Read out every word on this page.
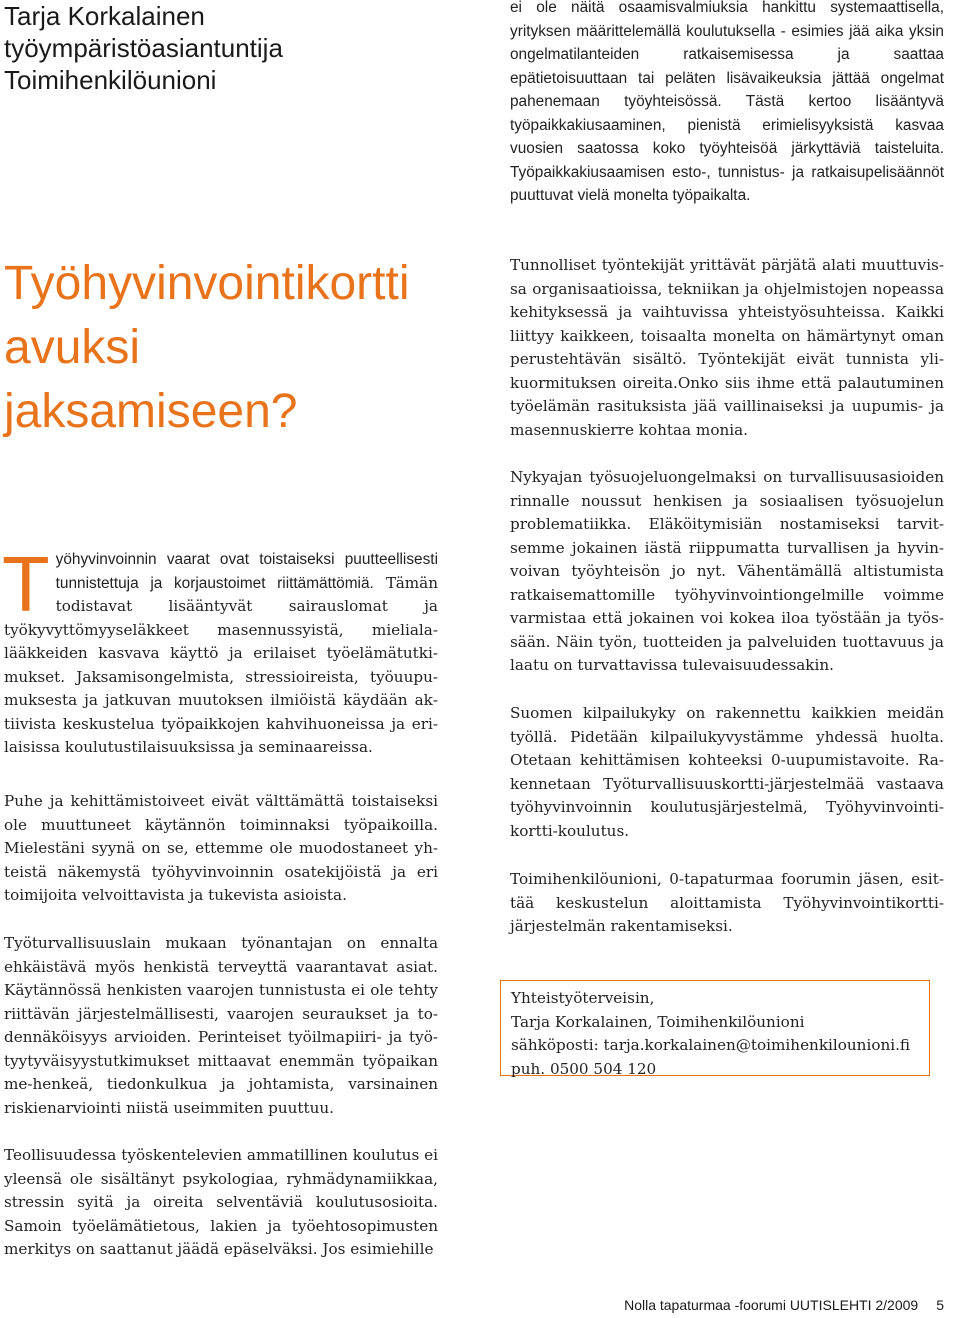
Tarja Korkalainen
työympäristöasiantuntija
Toimihenkilöunioni
Työhyvinvointikortti
avuksi
jaksamiseen?

Työhyvinvoinnin vaarat ovat toistaiseksi puutteellisesti tunnistettuja ja korjaustoimet riittämättömiä. Tämän todistavat lisääntyvät sairauslomat ja työkyvyttömyyseläkkeet masennussyistä, mielialalääkkeiden kasvava käyttö ja erilaiset työelämätutkimukset. Jaksamisongelmista, stressioireista, työuupumuksesta ja jatkuvan muutoksen ilmiöistä käydään aktiivista keskustelua työpaikkojen kahvihuoneissa ja erilaisissa koulutustilaisuuksissa ja seminaareissa.

Puhe ja kehittämistoiveet eivät välttämättä toistaiseksi ole muuttuneet käytännön toiminnaksi työpaikoilla. Mielestäni syynä on se, ettemme ole muodostaneet yhteistä näkemystä työhyvinvoinnin osatekijöistä ja eri toimijoita velvoittavista ja tukevista asioista.

Työturvallisuuslain mukaan työnantajan on ennalta ehkäistävä myös henkistä terveyttä vaarantavat asiat. Käytännössä henkisten vaarojen tunnistusta ei ole tehty riittävän järjestelmällisesti, vaarojen seuraukset ja todennäköisyys arvioiden. Perinteiset työilmapiiri- ja työtyytyväisyystutkimukset mittaavat enemmän työpaikan me-henkeä, tiedonkulkua ja johtamista, varsinainen riskienarviointi niistä useimmiten puuttuu.

Teollisuudessa työskentelevien ammatillinen koulutus ei yleensä ole sisältänyt psykologiaa, ryhmädynamiikkaa, stressin syitä ja oireita selventäviä koulutusosioita. Samoin työelämätietous, lakien ja työehtosopimusten merkitys on saattanut jäädä epäselväksi. Jos esimiehille

ei ole näitä osaamisvalmiuksia hankittu systemaattisella, yrityksen määrittelemällä koulutuksella - esimies jää aika yksin ongelmatilanteiden ratkaisemisessa ja saattaa epätietoisuuttaan tai peläten lisävaikeuksia jättää ongelmat pahenemaan työyhteisössä. Tästä kertoo lisääntyvä työpaikkakiusaaminen, pienistä erimielisyyksistä kasvaa vuosien saatossa koko työyhteisöä järkyttäviä taisteluita. Työpaikkakiusaamisen esto-, tunnistus- ja ratkaisupelisäännöt puuttuvat vielä monelta työpaikalta.

Tunnolliset työntekijät yrittävät pärjätä alati muuttuvissa organisaatioissa, tekniikan ja ohjelmistojen nopeassa kehityksessä ja vaihtuvissa yhteistyösuhteissa. Kaikki liittyy kaikkeen, toisaalta monelta on hämärtynyt oman perustehtävän sisältö. Työntekijät eivät tunnista ylikuormituksen oireita.Onko siis ihme että palautuminen työelämän rasituksista jää vaillinaiseksi ja uupumis- ja masennuskierre kohtaa monia.

Nykyajan työsuojeluongelmaksi on turvallisuusasioiden rinnalle noussut henkisen ja sosiaalisen työsuojelun problematiikka. Eläköitymisiän nostamiseksi tarvitsemme jokainen iästä riippumatta turvallisen ja hyvinvoivan työyhteisön jo nyt. Vähentämällä altistumista ratkaisemattomille työhyvinvointiongelmille voimme varmistaa että jokainen voi kokea iloa työstään ja työssään. Näin työn, tuotteiden ja palveluiden tuottavuus ja laatu on turvattavissa tulevaisuudessakin.

Suomen kilpailukyky on rakennettu kaikkien meidän työllä. Pidetään kilpailukyvystämme yhdessä huolta. Otetaan kehittämisen kohteeksi 0-uupumistavoite. Rakennetaan Työturvallisuuskortti-järjestelmää vastaava työhyvinvoinnin koulutusjärjestelmä, Työhyvinvointikortti-koulutus.

Toimihenkilöunioni, 0-tapaturmaa foorumin jäsen, esittää keskustelun aloittamista Työhyvinvointikorttijärjestelmän rakentamiseksi.

Yhteistyöterveisin,
Tarja Korkalainen, Toimihenkilöunioni
sähköposti: tarja.korkalainen@toimihenkilounioni.fi
puh. 0500 504 120
Nolla tapaturmaa -foorumi UUTISLEHTI 2/2009 5
